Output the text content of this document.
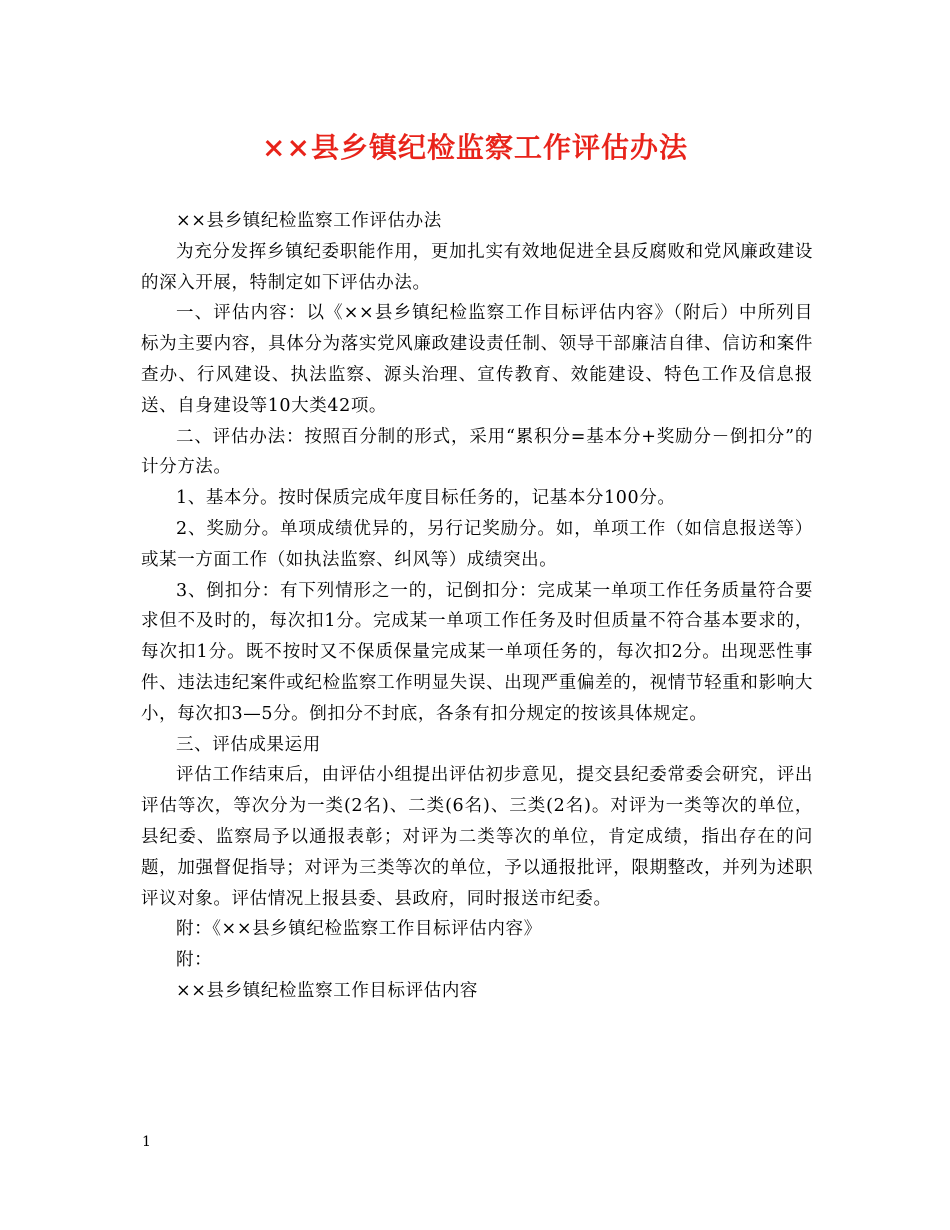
××县乡镇纪检监察工作评估办法

××县乡镇纪检监察工作评估办法

为充分发挥乡镇纪委职能作用，更加扎实有效地促进全县反腐败和党风廉政建设的深入开展，特制定如下评估办法。

一、评估内容：以《××县乡镇纪检监察工作目标评估内容》（附后）中所列目标为主要内容，具体分为落实党风廉政建设责任制、领导干部廉洁自律、信访和案件查办、行风建设、执法监察、源头治理、宣传教育、效能建设、特色工作及信息报送、自身建设等10大类42项。

二、评估办法：按照百分制的形式，采用“累积分=基本分+奖励分－倒扣分”的计分方法。

1、基本分。按时保质完成年度目标任务的，记基本分100分。

2、奖励分。单项成绩优异的，另行记奖励分。如，单项工作（如信息报送等）或某一方面工作（如执法监察、纠风等）成绩突出。

3、倒扣分：有下列情形之一的，记倒扣分：完成某一单项工作任务质量符合要求但不及时的，每次扣1分。完成某一单项工作任务及时但质量不符合基本要求的，每次扣1分。既不按时又不保质保量完成某一单项任务的，每次扣2分。出现恶性事件、违法违纪案件或纪检监察工作明显失误、出现严重偏差的，视情节轻重和影响大小，每次扣3—5分。倒扣分不封底，各条有扣分规定的按该具体规定。

三、评估成果运用

评估工作结束后，由评估小组提出评估初步意见，提交县纪委常委会研究，评出评估等次，等次分为一类(2名)、二类(6名)、三类(2名)。对评为一类等次的单位，县纪委、监察局予以通报表彰；对评为二类等次的单位，肯定成绩，指出存在的问题，加强督促指导；对评为三类等次的单位，予以通报批评，限期整改，并列为述职评议对象。评估情况上报县委、县政府，同时报送市纪委。

附：《××县乡镇纪检监察工作目标评估内容》

附：

××县乡镇纪检监察工作目标评估内容

1
